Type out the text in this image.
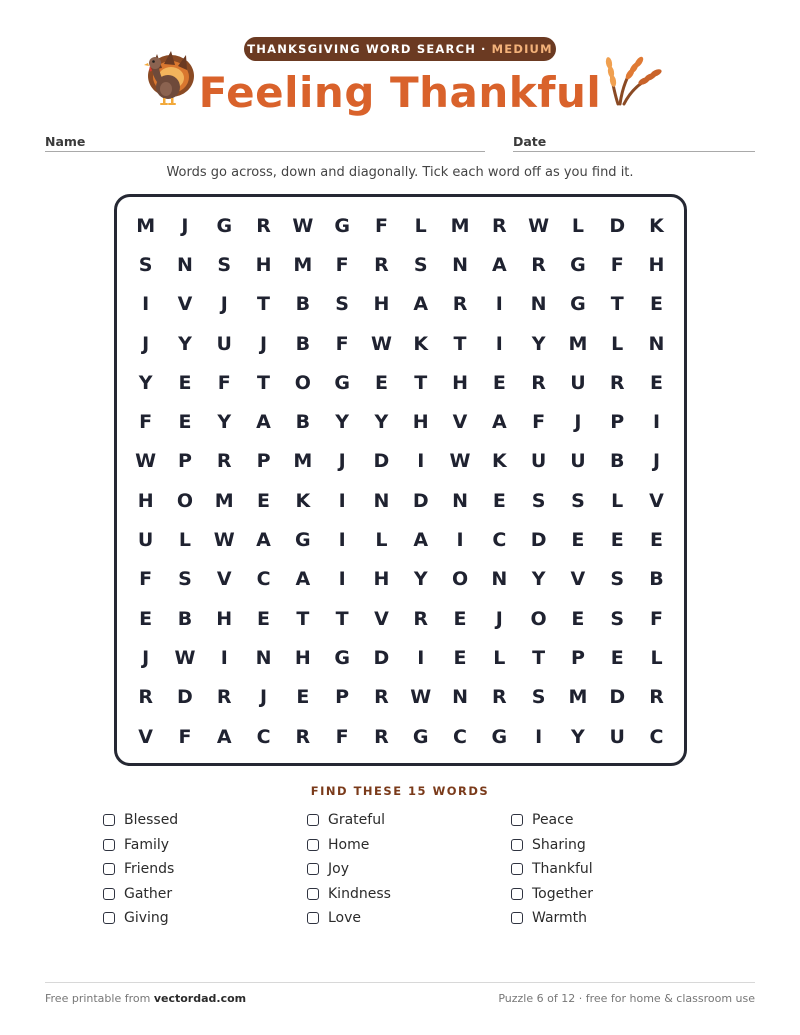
THANKSGIVING WORD SEARCH · MEDIUM
Feeling Thankful
Name	Date
Words go across, down and diagonally. Tick each word off as you find it.
M	J	G	R	W	G	F	L	M	R	W	L	D	K
S	N	S	H	M	F	R	S	N	A	R	G	F	H
I	V	J	T	B	S	H	A	R	I	N	G	T	E
J	Y	U	J	B	F	W	K	T	I	Y	M	L	N
Y	E	F	T	O	G	E	T	H	E	R	U	R	E
F	E	Y	A	B	Y	Y	H	V	A	F	J	P	I
W	P	R	P	M	J	D	I	W	K	U	U	B	J
H	O	M	E	K	I	N	D	N	E	S	S	L	V
U	L	W	A	G	I	L	A	I	C	D	E	E	E
F	S	V	C	A	I	H	Y	O	N	Y	V	S	B
E	B	H	E	T	T	V	R	E	J	O	E	S	F
J	W	I	N	H	G	D	I	E	L	T	P	E	L
R	D	R	J	E	P	R	W	N	R	S	M	D	R
V	F	A	C	R	F	R	G	C	G	I	Y	U	C
FIND THESE 15 WORDS
Blessed
Family
Friends
Gather
Giving
Grateful
Home
Joy
Kindness
Love
Peace
Sharing
Thankful
Together
Warmth
Free printable from vectordad.com	Puzzle 6 of 12 · free for home & classroom use
